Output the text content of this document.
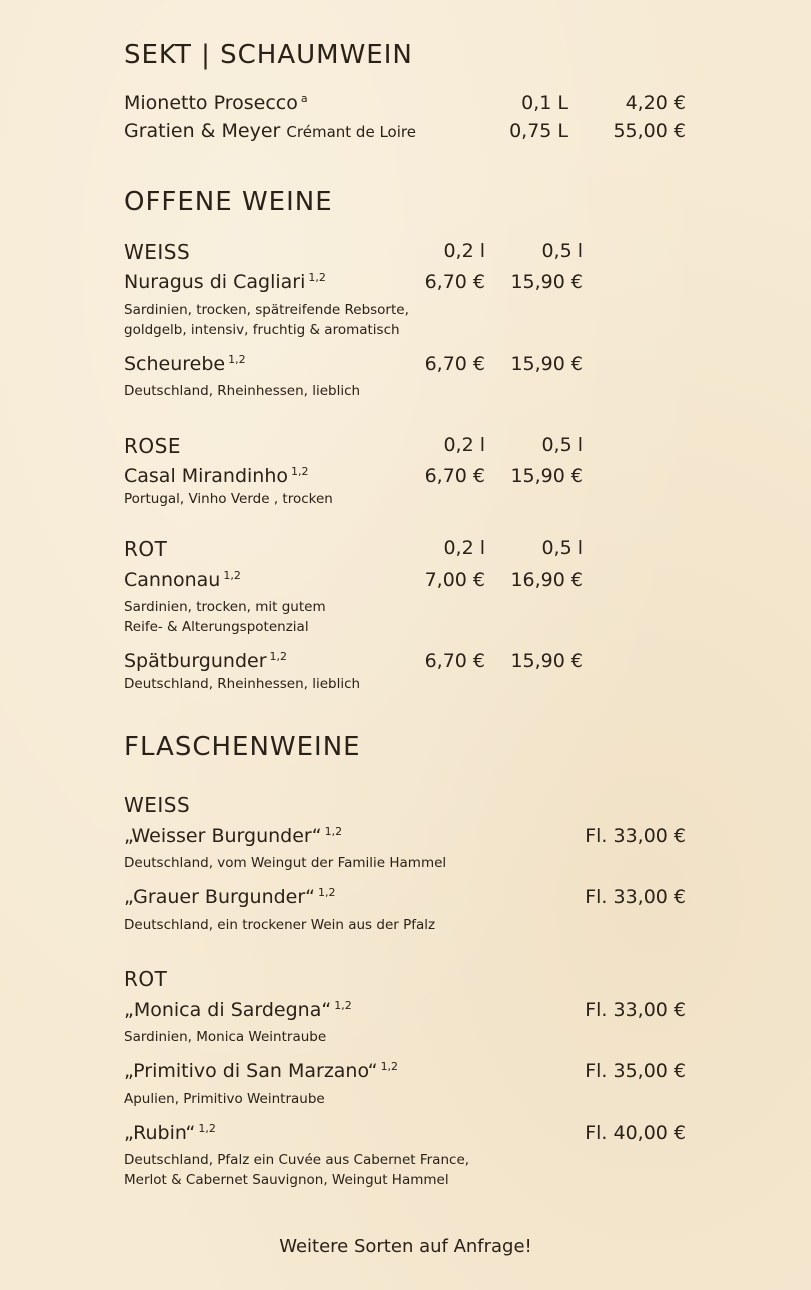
SEKT | SCHAUMWEIN
Mionetto Prosecco $^a$	0,1 L	4,20 €
Gratien & Meyer Crémant de Loire	0,75 L 55,00 €
OFFENE WEINE
WEISS	0,2 l	0,5 l
Nuragus di Cagliari $^{1,2}$	6,70 € 15,90 €
Sardinien, trocken, spätreifende Rebsorte,
goldgelb, intensiv, fruchtig & aromatisch
Scheurebe $^{1,2}$	6,70 € 15,90 €
Deutschland, Rheinhessen, lieblich
ROSE	0,2 l	0,5 l
Casal Mirandinho $^{1,2}$	6,70 € 15,90 €
Portugal, Vinho Verde , trocken
ROT	0,2 l	0,5 l
Cannonau $^{1,2}$	7,00 € 16,90 €
Sardinien, trocken, mit gutem
Reife- & Alterungspotenzial
Spätburgunder $^{1,2}$	6,70 € 15,90 €
Deutschland, Rheinhessen, lieblich
FLASCHENWEINE
WEISS
„Weisser Burgunder“ $^{1,2}$	Fl. 33,00 €
Deutschland, vom Weingut der Familie Hammel
„Grauer Burgunder“ $^{1,2}$	Fl. 33,00 €
Deutschland, ein trockener Wein aus der Pfalz
ROT
„Monica di Sardegna“ $^{1,2}$	Fl. 33,00 €
Sardinien, Monica Weintraube
„Primitivo di San Marzano“ $^{1,2}$	Fl. 35,00 €
Apulien, Primitivo Weintraube
„Rubin“ $^{1,2}$	Fl. 40,00 €
Deutschland, Pfalz ein Cuvée aus Cabernet France,
Merlot & Cabernet Sauvignon, Weingut Hammel
Weitere Sorten auf Anfrage!
